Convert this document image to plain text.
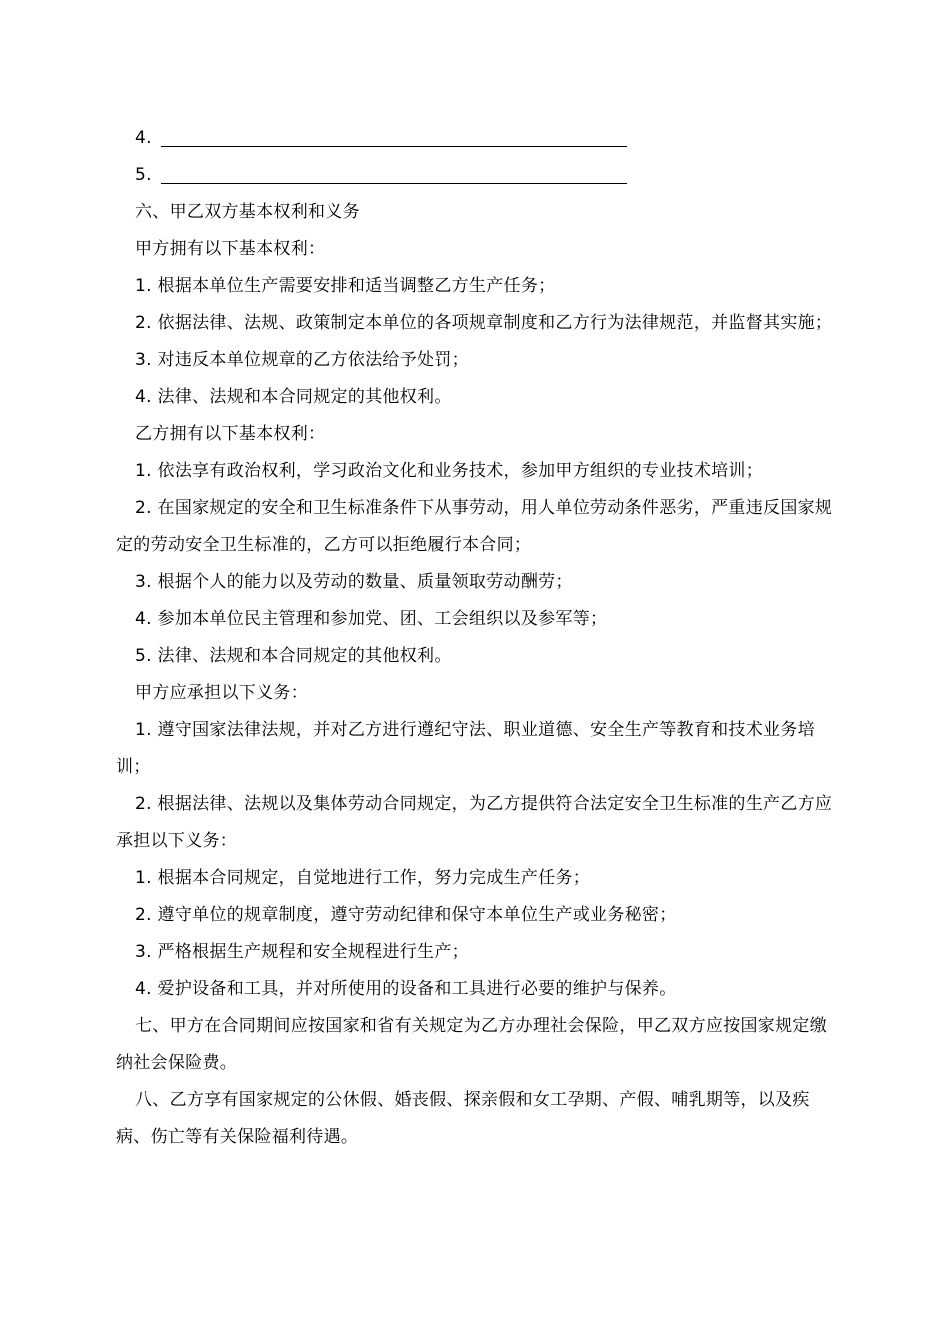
4.

5.

六、甲乙双方基本权利和义务

甲方拥有以下基本权利：

1. 根据本单位生产需要安排和适当调整乙方生产任务；

2. 依据法律、法规、政策制定本单位的各项规章制度和乙方行为法律规范，并监督其实施；

3. 对违反本单位规章的乙方依法给予处罚；

4. 法律、法规和本合同规定的其他权利。

乙方拥有以下基本权利：

1. 依法享有政治权利，学习政治文化和业务技术，参加甲方组织的专业技术培训；

2. 在国家规定的安全和卫生标准条件下从事劳动，用人单位劳动条件恶劣，严重违反国家规定的劳动安全卫生标准的，乙方可以拒绝履行本合同；

3. 根据个人的能力以及劳动的数量、质量领取劳动酬劳；

4. 参加本单位民主管理和参加党、团、工会组织以及参军等；

5. 法律、法规和本合同规定的其他权利。

甲方应承担以下义务：

1. 遵守国家法律法规，并对乙方进行遵纪守法、职业道德、安全生产等教育和技术业务培训；

2. 根据法律、法规以及集体劳动合同规定，为乙方提供符合法定安全卫生标准的生产乙方应承担以下义务：

1. 根据本合同规定，自觉地进行工作，努力完成生产任务；

2. 遵守单位的规章制度，遵守劳动纪律和保守本单位生产或业务秘密；

3. 严格根据生产规程和安全规程进行生产；

4. 爱护设备和工具，并对所使用的设备和工具进行必要的维护与保养。

七、甲方在合同期间应按国家和省有关规定为乙方办理社会保险，甲乙双方应按国家规定缴纳社会保险费。

八、乙方享有国家规定的公休假、婚丧假、探亲假和女工孕期、产假、哺乳期等，以及疾病、伤亡等有关保险福利待遇。
